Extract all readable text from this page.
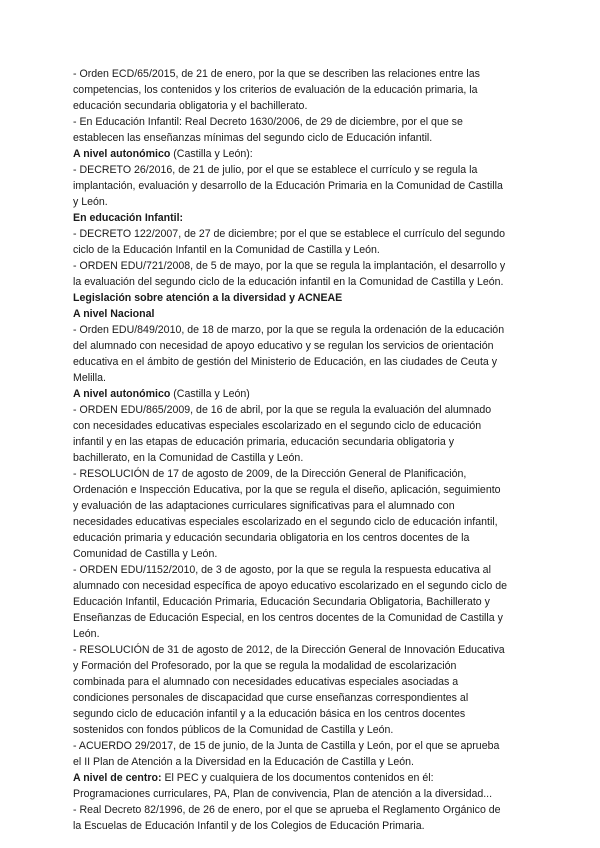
- Orden ECD/65/2015, de 21 de enero, por la que se describen las relaciones entre las
competencias, los contenidos y los criterios de evaluación de la educación primaria, la
educación secundaria obligatoria y el bachillerato.

- En Educación Infantil: Real Decreto 1630/2006, de 29 de diciembre, por el que se
establecen las enseñanzas mínimas del segundo ciclo de Educación infantil.

A nivel autonómico (Castilla y León):

- DECRETO 26/2016, de 21 de julio, por el que se establece el currículo y se regula la
implantación, evaluación y desarrollo de la Educación Primaria en la Comunidad de Castilla
y León.

En educación Infantil:

- DECRETO 122/2007, de 27 de diciembre; por el que se establece el currículo del segundo
ciclo de la Educación Infantil en la Comunidad de Castilla y León.

- ORDEN EDU/721/2008, de 5 de mayo, por la que se regula la implantación, el desarrollo y
la evaluación del segundo ciclo de la educación infantil en la Comunidad de Castilla y León.

Legislación sobre atención a la diversidad y ACNEAE

A nivel Nacional

- Orden EDU/849/2010, de 18 de marzo, por la que se regula la ordenación de la educación
del alumnado con necesidad de apoyo educativo y se regulan los servicios de orientación
educativa en el ámbito de gestión del Ministerio de Educación, en las ciudades de Ceuta y
Melilla.

A nivel autonómico (Castilla y León)

- ORDEN EDU/865/2009, de 16 de abril, por la que se regula la evaluación del alumnado
con necesidades educativas especiales escolarizado en el segundo ciclo de educación
infantil y en las etapas de educación primaria, educación secundaria obligatoria y
bachillerato, en la Comunidad de Castilla y León.

- RESOLUCIÓN de 17 de agosto de 2009, de la Dirección General de Planificación,
Ordenación e Inspección Educativa, por la que se regula el diseño, aplicación, seguimiento
y evaluación de las adaptaciones curriculares significativas para el alumnado con
necesidades educativas especiales escolarizado en el segundo ciclo de educación infantil,
educación primaria y educación secundaria obligatoria en los centros docentes de la
Comunidad de Castilla y León.

- ORDEN EDU/1152/2010, de 3 de agosto, por la que se regula la respuesta educativa al
alumnado con necesidad específica de apoyo educativo escolarizado en el segundo ciclo de
Educación Infantil, Educación Primaria, Educación Secundaria Obligatoria, Bachillerato y
Enseñanzas de Educación Especial, en los centros docentes de la Comunidad de Castilla y
León.

- RESOLUCIÓN de 31 de agosto de 2012, de la Dirección General de Innovación Educativa
y Formación del Profesorado, por la que se regula la modalidad de escolarización
combinada para el alumnado con necesidades educativas especiales asociadas a
condiciones personales de discapacidad que curse enseñanzas correspondientes al
segundo ciclo de educación infantil y a la educación básica en los centros docentes
sostenidos con fondos públicos de la Comunidad de Castilla y León.

- ACUERDO 29/2017, de 15 de junio, de la Junta de Castilla y León, por el que se aprueba
el II Plan de Atención a la Diversidad en la Educación de Castilla y León.

A nivel de centro: El PEC y cualquiera de los documentos contenidos en él:
Programaciones curriculares, PA, Plan de convivencia, Plan de atención a la diversidad...

- Real Decreto 82/1996, de 26 de enero, por el que se aprueba el Reglamento Orgánico de
la Escuelas de Educación Infantil y de los Colegios de Educación Primaria.
